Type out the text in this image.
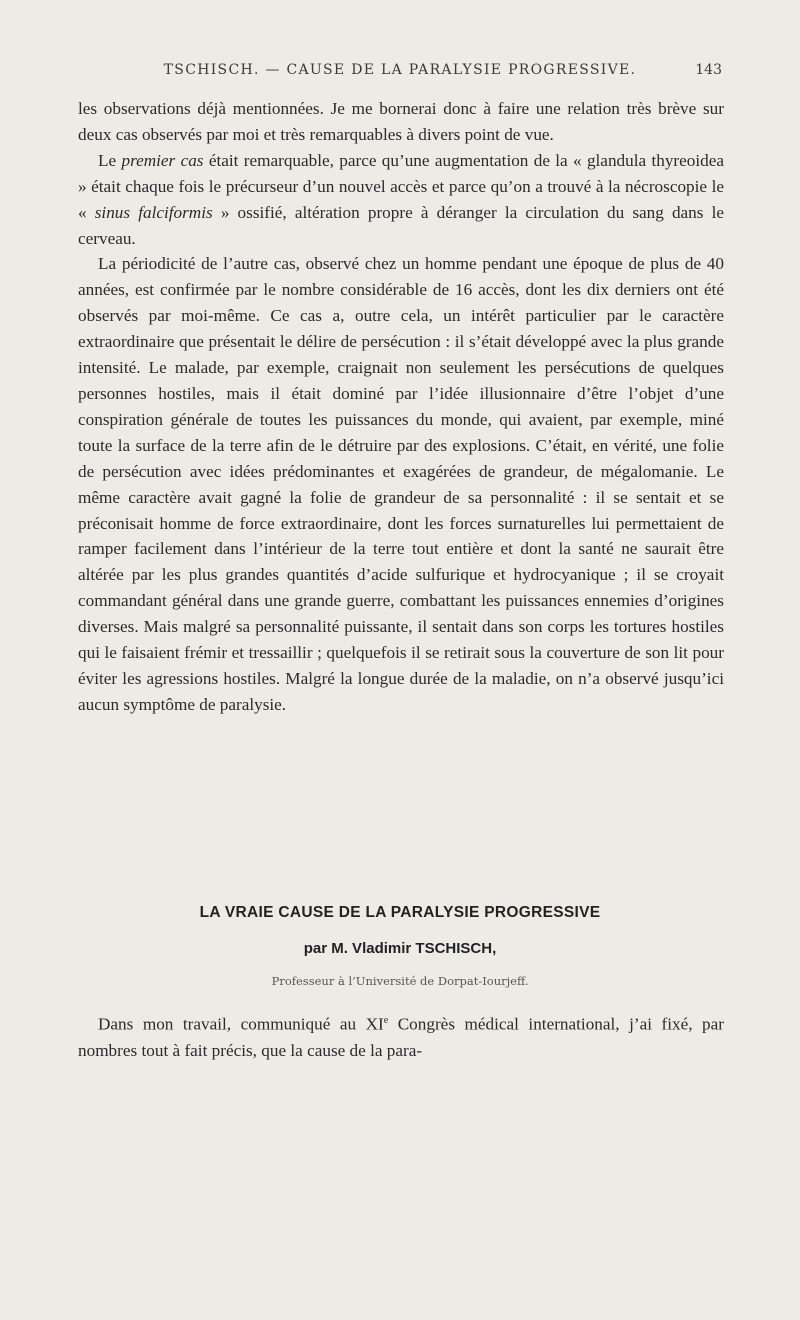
TSCHISCH. — CAUSE DE LA PARALYSIE PROGRESSIVE.	143

les observations déjà mentionnées. Je me bornerai donc à faire une relation très brève sur deux cas observés par moi et très remarquables à divers point de vue.

Le premier cas était remarquable, parce qu’une augmentation de la « glandula thyreoidea » était chaque fois le précurseur d’un nouvel accès et parce qu’on a trouvé à la nécroscopie le « sinus falciformis » ossifié, altération propre à déranger la circulation du sang dans le cerveau.

La périodicité de l’autre cas, observé chez un homme pendant une époque de plus de 40 années, est confirmée par le nombre considérable de 16 accès, dont les dix derniers ont été observés par moi-même. Ce cas a, outre cela, un intérêt particulier par le caractère extraordinaire que présentait le délire de persécution : il s’était développé avec la plus grande intensité. Le malade, par exemple, craignait non seulement les persécutions de quelques personnes hostiles, mais il était dominé par l’idée illusionnaire d’être l’objet d’une conspiration générale de toutes les puissances du monde, qui avaient, par exemple, miné toute la surface de la terre afin de le détruire par des explosions. C’était, en vérité, une folie de persécution avec idées prédominantes et exagérées de grandeur, de mégalomanie. Le même caractère avait gagné la folie de grandeur de sa personnalité : il se sentait et se préconisait homme de force extraordinaire, dont les forces surnaturelles lui permettaient de ramper facilement dans l’intérieur de la terre tout entière et dont la santé ne saurait être altérée par les plus grandes quantités d’acide sulfurique et hydrocyanique ; il se croyait commandant général dans une grande guerre, combattant les puissances ennemies d’origines diverses. Mais malgré sa personnalité puissante, il sentait dans son corps les tortures hostiles qui le faisaient frémir et tressaillir ; quelquefois il se retirait sous la couverture de son lit pour éviter les agressions hostiles. Malgré la longue durée de la maladie, on n’a observé jusqu’ici aucun symptôme de paralysie.

LA VRAIE CAUSE DE LA PARALYSIE PROGRESSIVE
par M. Vladimir TSCHISCH,
Professeur à l’Université de Dorpat-Iourjeff.

Dans mon travail, communiqué au XIe Congrès médical international, j’ai fixé, par nombres tout à fait précis, que la cause de la para-
